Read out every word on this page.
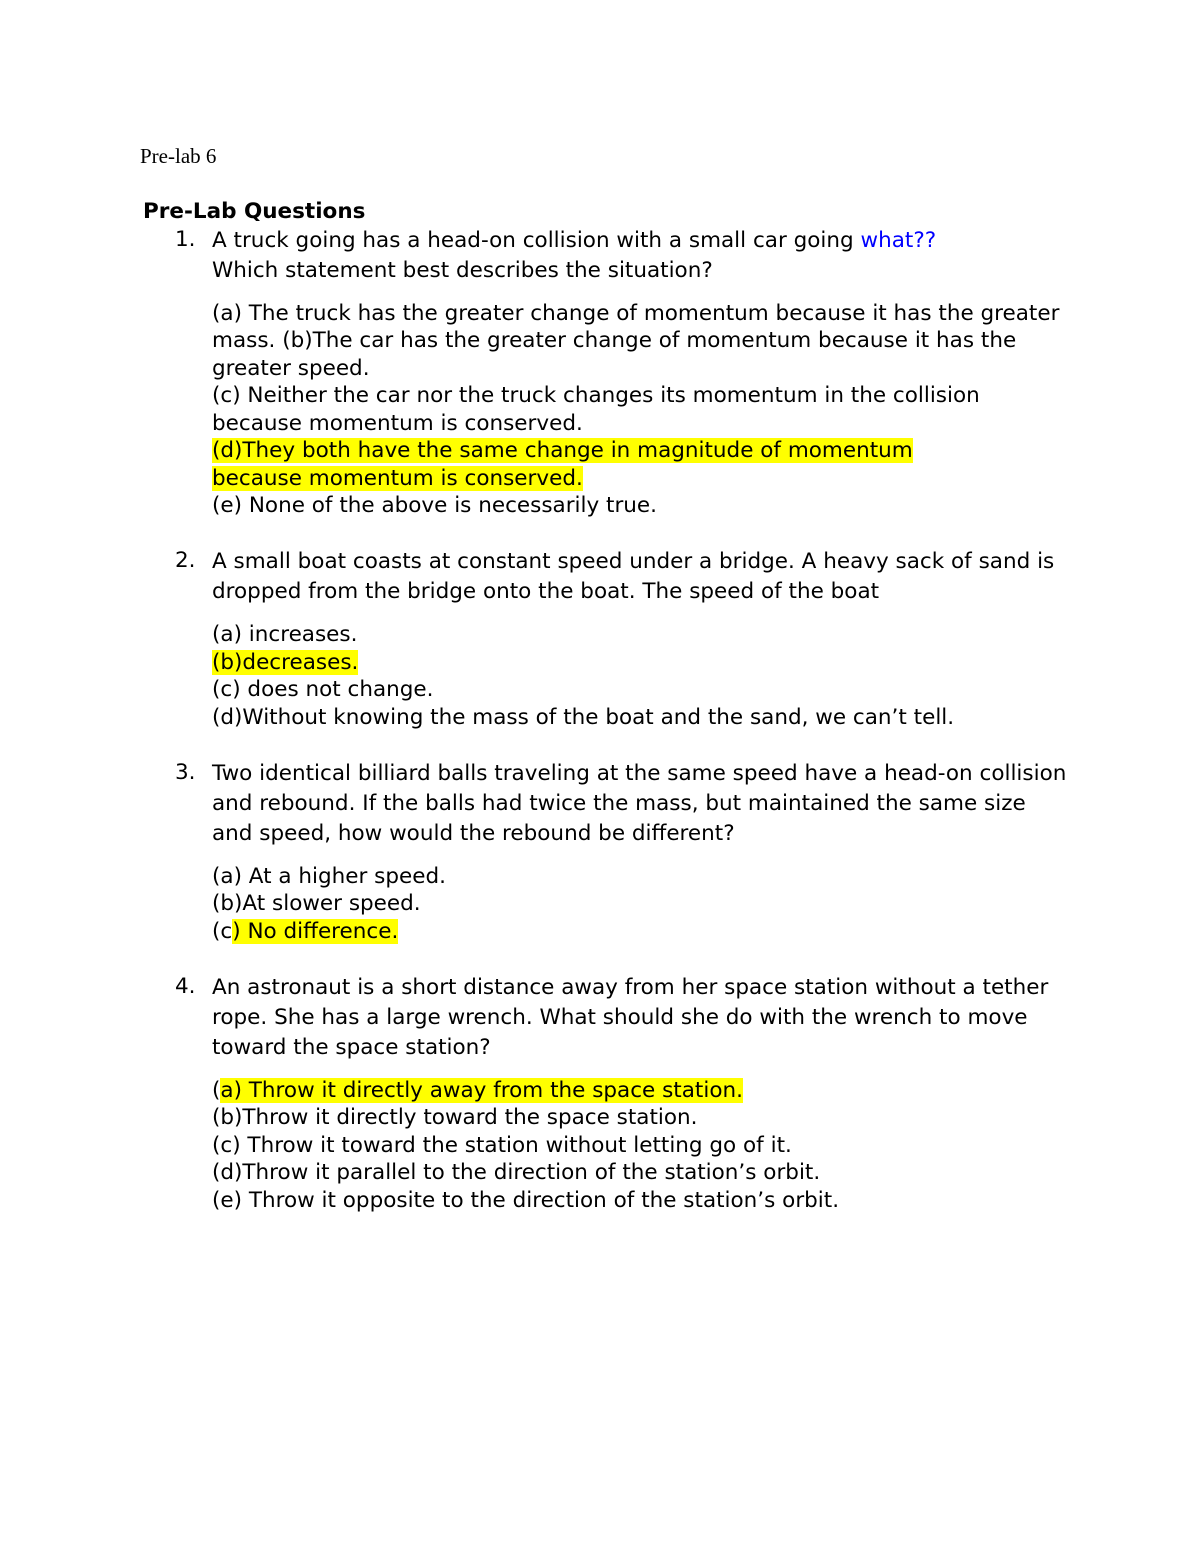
Pre-lab 6
Pre-Lab Questions
1. A truck going has a head-on collision with a small car going what??
Which statement best describes the situation?
(a) The truck has the greater change of momentum because it has the greater mass. (b)The car has the greater change of momentum because it has the greater speed.
(c) Neither the car nor the truck changes its momentum in the collision because momentum is conserved.
(d)They both have the same change in magnitude of momentum
because momentum is conserved.
(e) None of the above is necessarily true.
2. A small boat coasts at constant speed under a bridge. A heavy sack of sand is dropped from the bridge onto the boat. The speed of the boat
(a) increases.
(b)decreases.
(c) does not change.
(d)Without knowing the mass of the boat and the sand, we can’t tell.
3. Two identical billiard balls traveling at the same speed have a head-on collision and rebound. If the balls had twice the mass, but maintained the same size and speed, how would the rebound be different?
(a) At a higher speed.
(b)At slower speed.
(c) No difference.
4. An astronaut is a short distance away from her space station without a tether rope. She has a large wrench. What should she do with the wrench to move toward the space station?
(a) Throw it directly away from the space station.
(b)Throw it directly toward the space station.
(c) Throw it toward the station without letting go of it.
(d)Throw it parallel to the direction of the station’s orbit.
(e) Throw it opposite to the direction of the station’s orbit.
